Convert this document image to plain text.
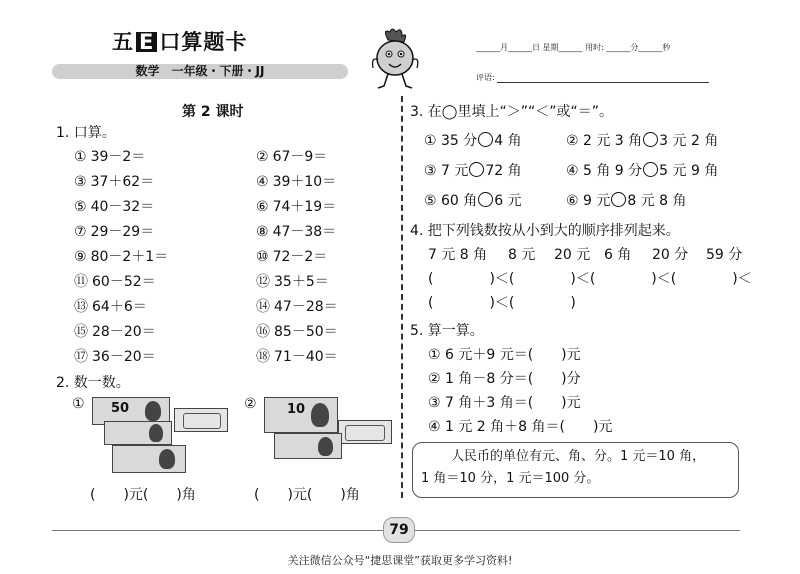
五 E 口算题卡
数学　一年级・下册・JJ
______月______日 星期______ 用时: ______分______秒
评语:
第 2 课时
1. 口算。
① 39－2＝	② 67－9＝
③ 37＋62＝	④ 39＋10＝
⑤ 40－32＝	⑥ 74＋19＝
⑦ 29－29＝	⑧ 47－38＝
⑨ 80－2＋1＝	⑩ 72－2＝
⑪ 60－52＝	⑫ 35＋5＝
⑬ 64＋6＝	⑭ 47－28＝
⑮ 28－20＝	⑯ 85－50＝
⑰ 36－20＝	⑱ 71－40＝
2. 数一数。
①	②
50	10
(　　)元(　　)角	(　　)元(　　)角
3. 在◯里填上“＞”“＜”或“＝”。
① 35 分 4 角	② 2 元 3 角 3 元 2 角
③ 7 元 72 角	④ 5 角 9 分 5 元 9 角
⑤ 60 角 6 元	⑥ 9 元 8 元 8 角
4. 把下列钱数按从小到大的顺序排列起来。
7 元 8 角 8 元 20 元 6 角 20 分 59 分
(　　　　)＜(　　　　)＜(　　　　)＜(　　　　)＜
(　　　　)＜(　　　　)
5. 算一算。
① 6 元＋9 元＝(　　)元
② 1 角－8 分＝(　　)分
③ 7 角＋3 角＝(　　)元
④ 1 元 2 角＋8 角＝(　　)元
人民币的单位有元、角、分。1 元＝10 角，
1 角＝10 分，1 元＝100 分。
79
关注微信公众号“捷思课堂”获取更多学习资料!
